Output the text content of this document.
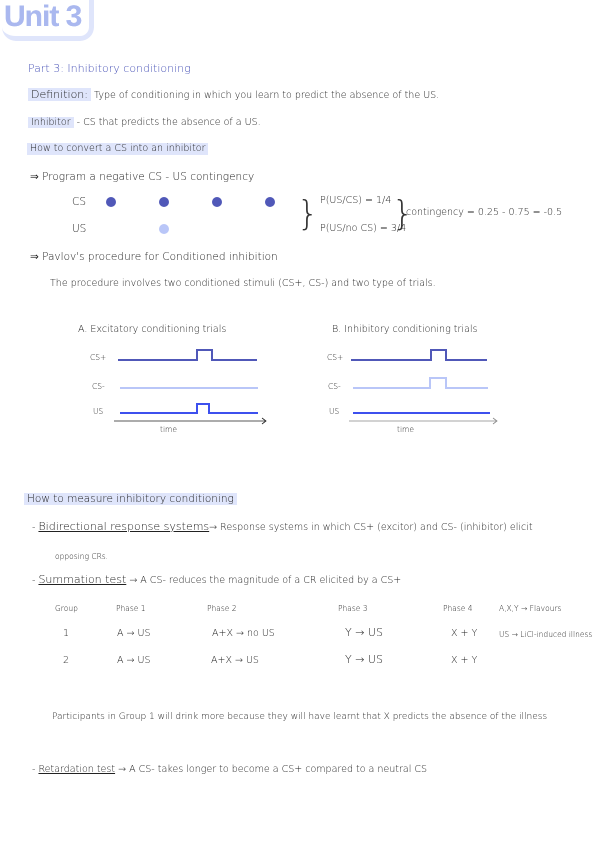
Unit 3
Part 3: Inhibitory conditioning
Definition: Type of conditioning in which you learn to predict the absence of the US.
Inhibitor - CS that predicts the absence of a US.
How to convert a CS into an inhibitor
⇒ Program a negative CS - US contingency
CS
US	} P(US/CS) = 1/4
P(US/no CS) = 3/4
}
contingency = 0.25 - 0.75 = -0.5
⇒ Pavlov's procedure for Conditioned inhibition
The procedure involves two conditioned stimuli (CS+, CS-) and two type of trials.
A. Excitatory conditioning trials
CS+
CS-
US
time
B. Inhibitory conditioning trials
CS+
CS-
US
time
How to measure inhibitory conditioning
- Bidirectional response systems→ Response systems in which CS+ (excitor) and CS- (inhibitor) elicit
opposing CRs.
- Summation test → A CS- reduces the magnitude of a CR elicited by a CS+
Group	Phase 1	Phase 2	Phase 3	Phase 4	A,X,Y → Flavours
1	A → US	A+X → no US	Y → US	X + Y	US → LiCl-induced illness
2	A → US	A+X → US	Y → US	X + Y
Participants in Group 1 will drink more because they will have learnt that X predicts the absence of the illness
- Retardation test → A CS- takes longer to become a CS+ compared to a neutral CS
